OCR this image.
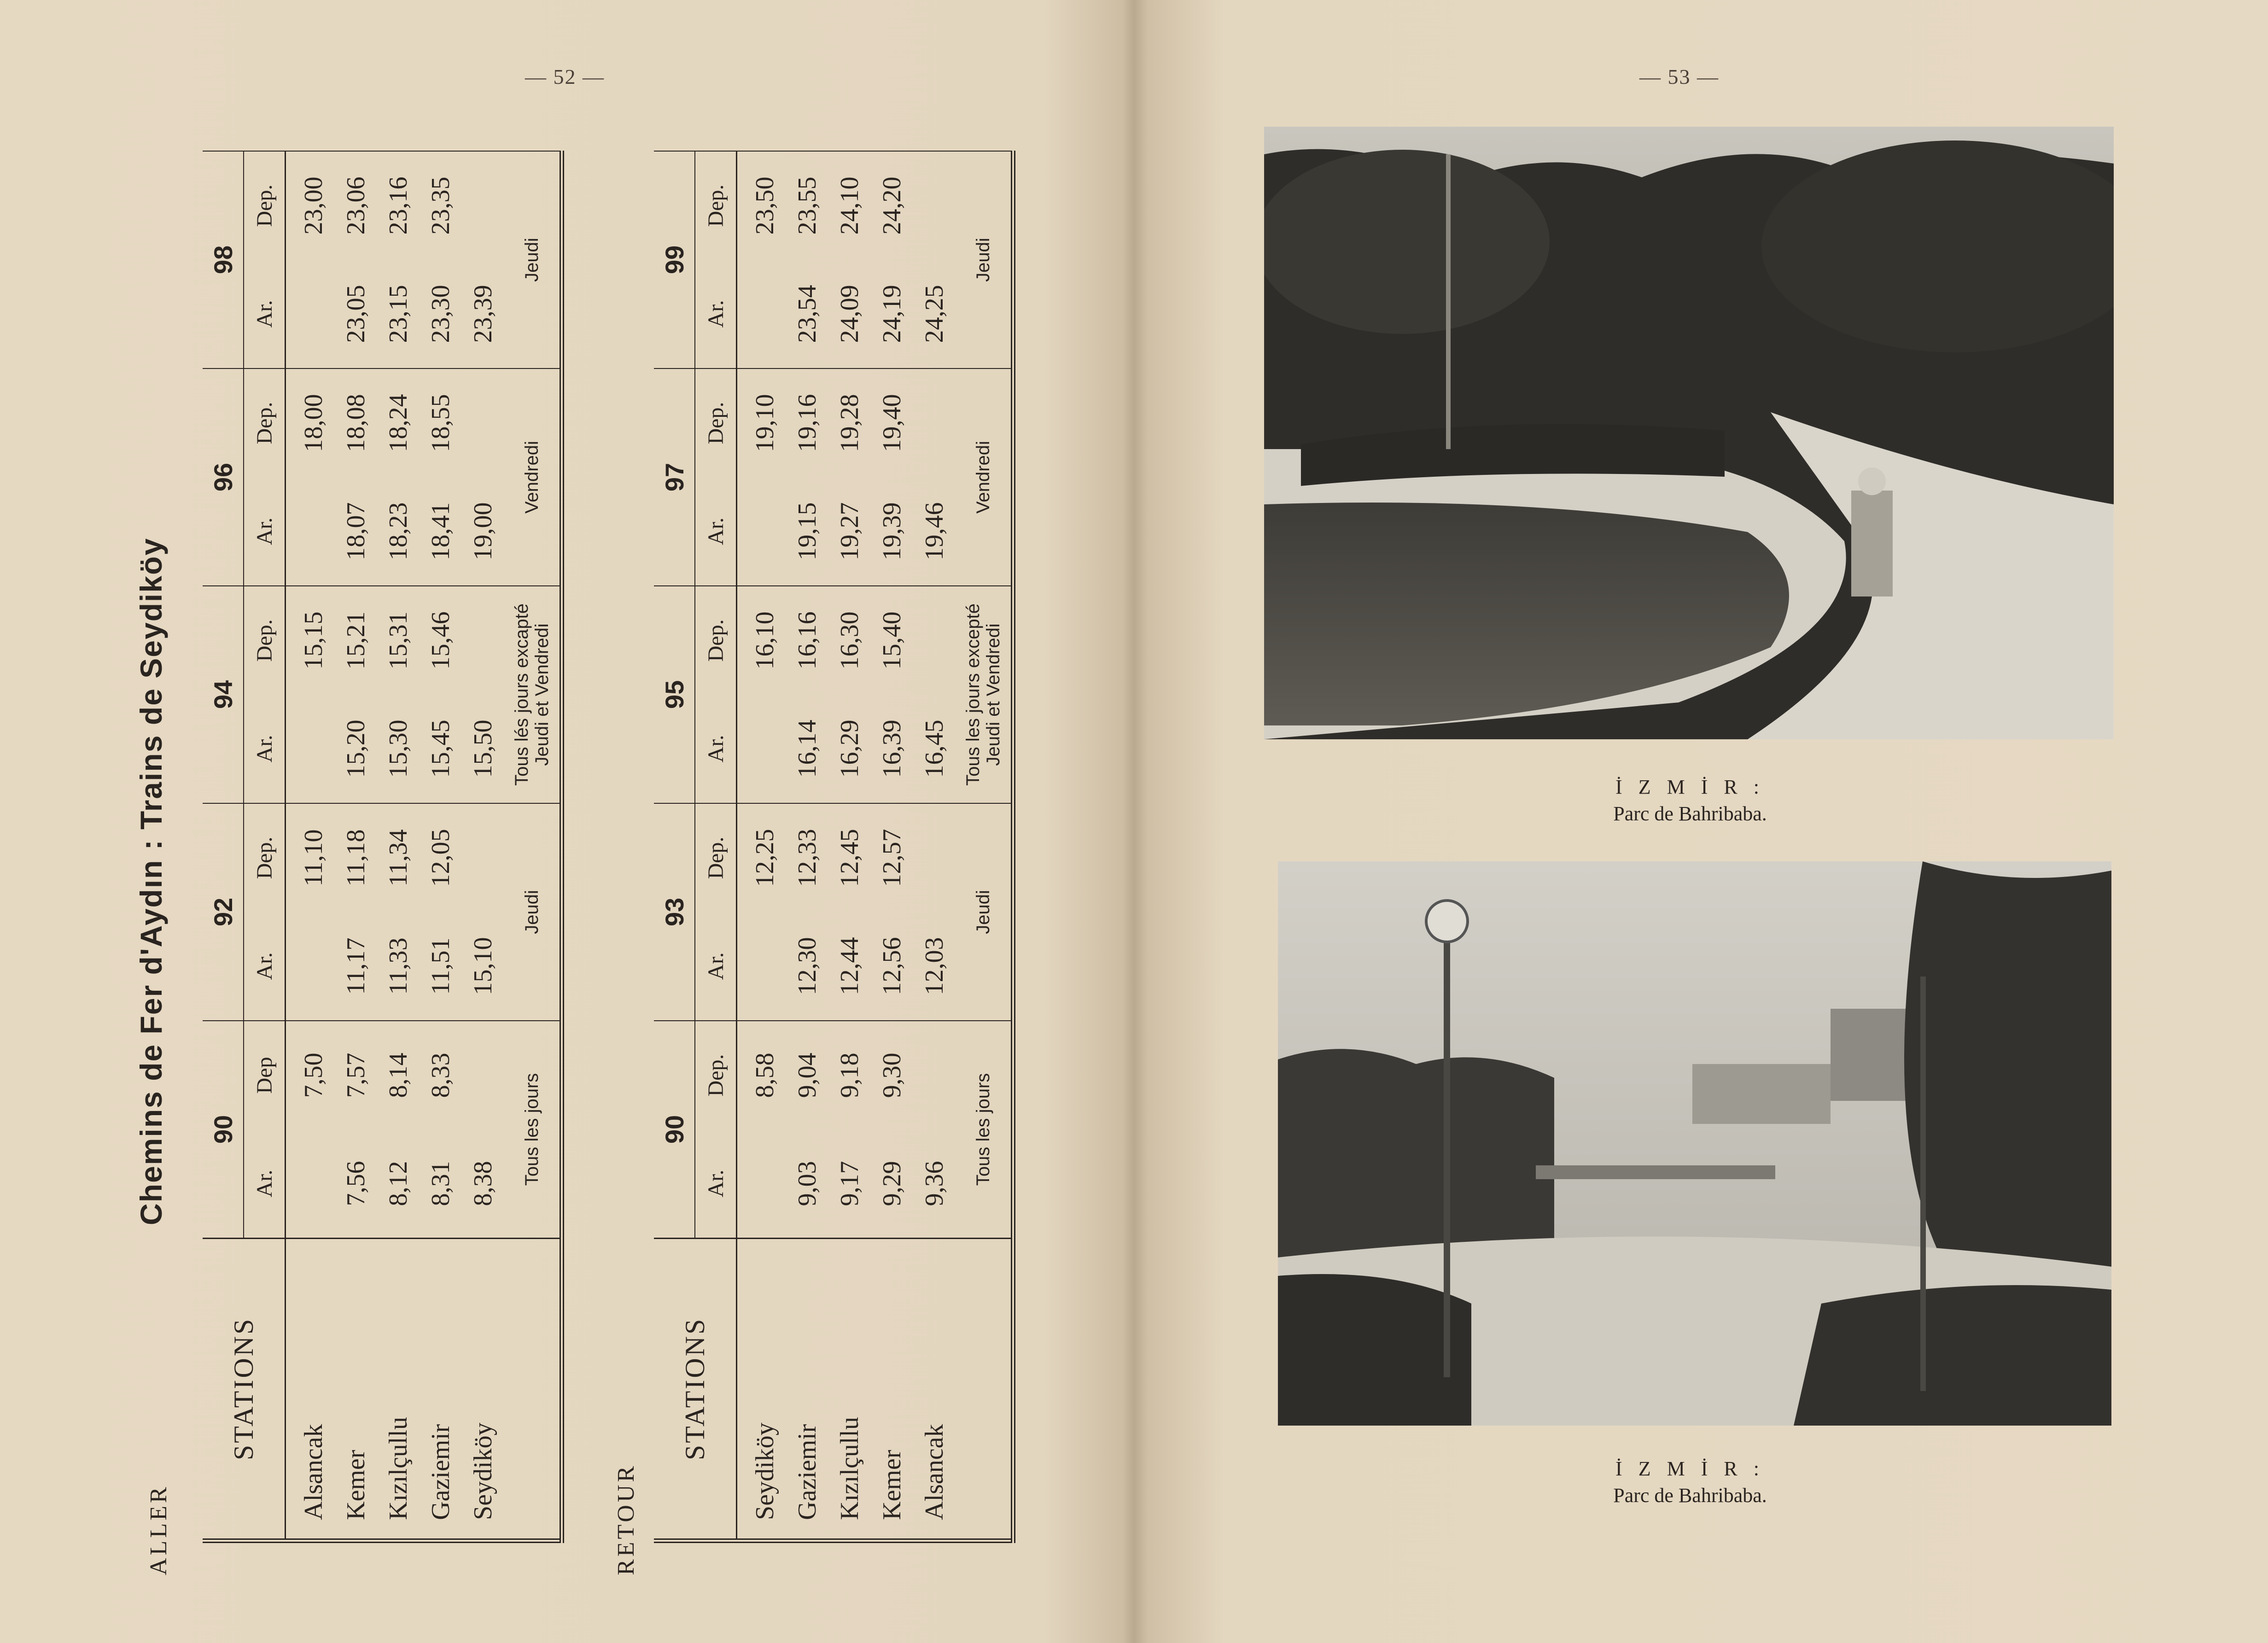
— 52 —
ALLER
Chemins de Fer d'Aydın : Trains de Seydiköy
RETOUR
STATIONS	90		92		94		96		98	
	Ar.	Dep	Ar.	Dep.	Ar.	Dep.	Ar.	Dep.	Ar.	Dep.
Alsancak		7,50		11,10		15,15		18,00		23,00
Kemer	7,56	7,57	11,17	11,18	15,20	15,21	18,07	18,08	23,05	23,06
Kızılçullu	8,12	8,14	11,33	11,34	15,30	15,31	18,23	18,24	23,15	23,16
Gaziemir	8,31	8,33	11,51	12,05	15,45	15,46	18,41	18,55	23,30	23,35
Seydiköy	8,38		15,10		15,50		19,00		23,39	
	Tous les jours		Jeudi		Tous lés jours excapté Jeudi et Vendredi		Vendredi		Jeudi	
STATIONS	90		93		95		97		99	
	Ar.	Dep.	Ar.	Dep.	Ar.	Dep.	Ar.	Dep.	Ar.	Dep.
Seydiköy		8,58		12,25		16,10		19,10		23,50
Gaziemir	9,03	9,04	12,30	12,33	16,14	16,16	19,15	19,16	23,54	23,55
Kızılçullu	9,17	9,18	12,44	12,45	16,29	16,30	19,27	19,28	24,09	24,10
Kemer	9,29	9,30	12,56	12,57	16,39	15,40	19,39	19,40	24,19	24,20
Alsancak	9,36		12,03		16,45		19,46		24,25	
	Tous les jours		Jeudi		Tous les jours excepté Jeudi et Vendredi		Vendredi		Jeudi	
— 53 —
İ Z M İ R :
Parc de Bahribaba.
İ Z M İ R :
Parc de Bahribaba.
